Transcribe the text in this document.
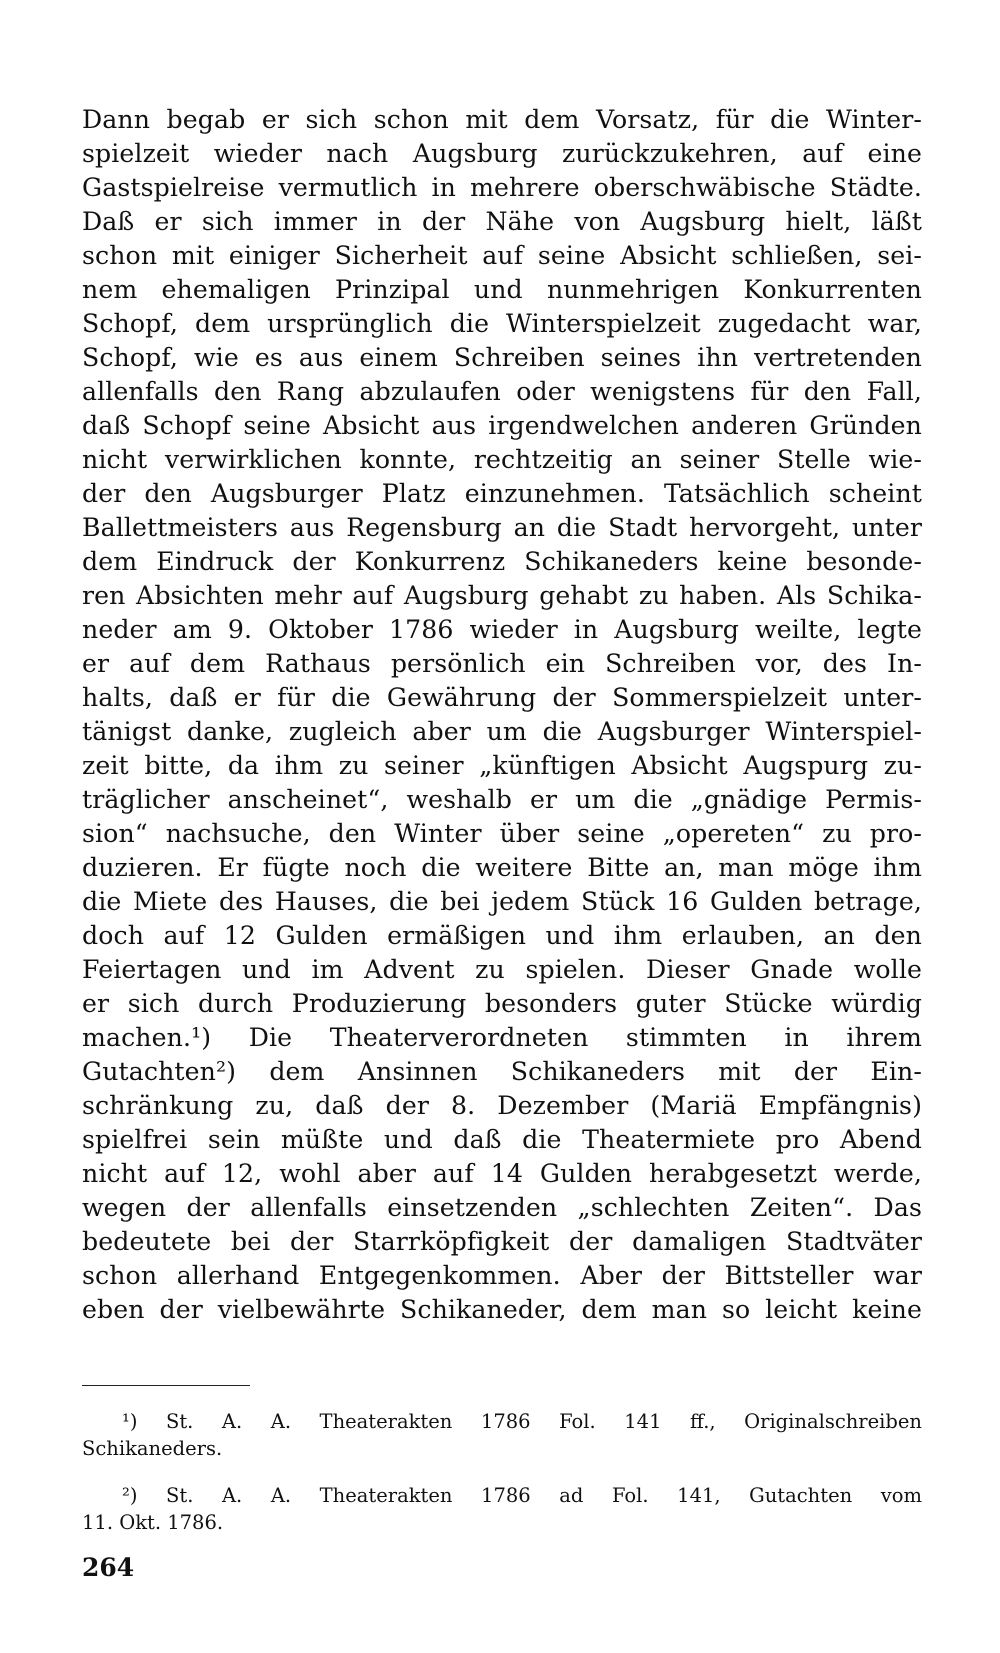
Dann begab er sich schon mit dem Vorsatz, für die Winter-
spielzeit wieder nach Augsburg zurückzukehren, auf eine
Gastspielreise vermutlich in mehrere oberschwäbische Städte.
Daß er sich immer in der Nähe von Augsburg hielt, läßt
schon mit einiger Sicherheit auf seine Absicht schließen, sei-
nem ehemaligen Prinzipal und nunmehrigen Konkurrenten
Schopf, dem ursprünglich die Winterspielzeit zugedacht war,
Schopf, wie es aus einem Schreiben seines ihn vertretenden
allenfalls den Rang abzulaufen oder wenigstens für den Fall,
daß Schopf seine Absicht aus irgendwelchen anderen Gründen
nicht verwirklichen konnte, rechtzeitig an seiner Stelle wie-
der den Augsburger Platz einzunehmen. Tatsächlich scheint
Ballettmeisters aus Regensburg an die Stadt hervorgeht, unter
dem Eindruck der Konkurrenz Schikaneders keine besonde-
ren Absichten mehr auf Augsburg gehabt zu haben. Als Schika-
neder am 9. Oktober 1786 wieder in Augsburg weilte, legte
er auf dem Rathaus persönlich ein Schreiben vor, des In-
halts, daß er für die Gewährung der Sommerspielzeit unter-
tänigst danke, zugleich aber um die Augsburger Winterspiel-
zeit bitte, da ihm zu seiner „künftigen Absicht Augspurg zu-
träglicher anscheinet“, weshalb er um die „gnädige Permis-
sion“ nachsuche, den Winter über seine „opereten“ zu pro-
duzieren. Er fügte noch die weitere Bitte an, man möge ihm
die Miete des Hauses, die bei jedem Stück 16 Gulden betrage,
doch auf 12 Gulden ermäßigen und ihm erlauben, an den
Feiertagen und im Advent zu spielen. Dieser Gnade wolle
er sich durch Produzierung besonders guter Stücke würdig
machen.¹) Die Theaterverordneten stimmten in ihrem
Gutachten²) dem Ansinnen Schikaneders mit der Ein-
schränkung zu, daß der 8. Dezember (Mariä Empfängnis)
spielfrei sein müßte und daß die Theatermiete pro Abend
nicht auf 12, wohl aber auf 14 Gulden herabgesetzt werde,
wegen der allenfalls einsetzenden „schlechten Zeiten“. Das
bedeutete bei der Starrköpfigkeit der damaligen Stadtväter
schon allerhand Entgegenkommen. Aber der Bittsteller war
eben der vielbewährte Schikaneder, dem man so leicht keine
¹) St. A. A. Theaterakten 1786 Fol. 141 ff., Originalschreiben
Schikaneders.
²) St. A. A. Theaterakten 1786 ad Fol. 141, Gutachten vom
11. Okt. 1786.
264
